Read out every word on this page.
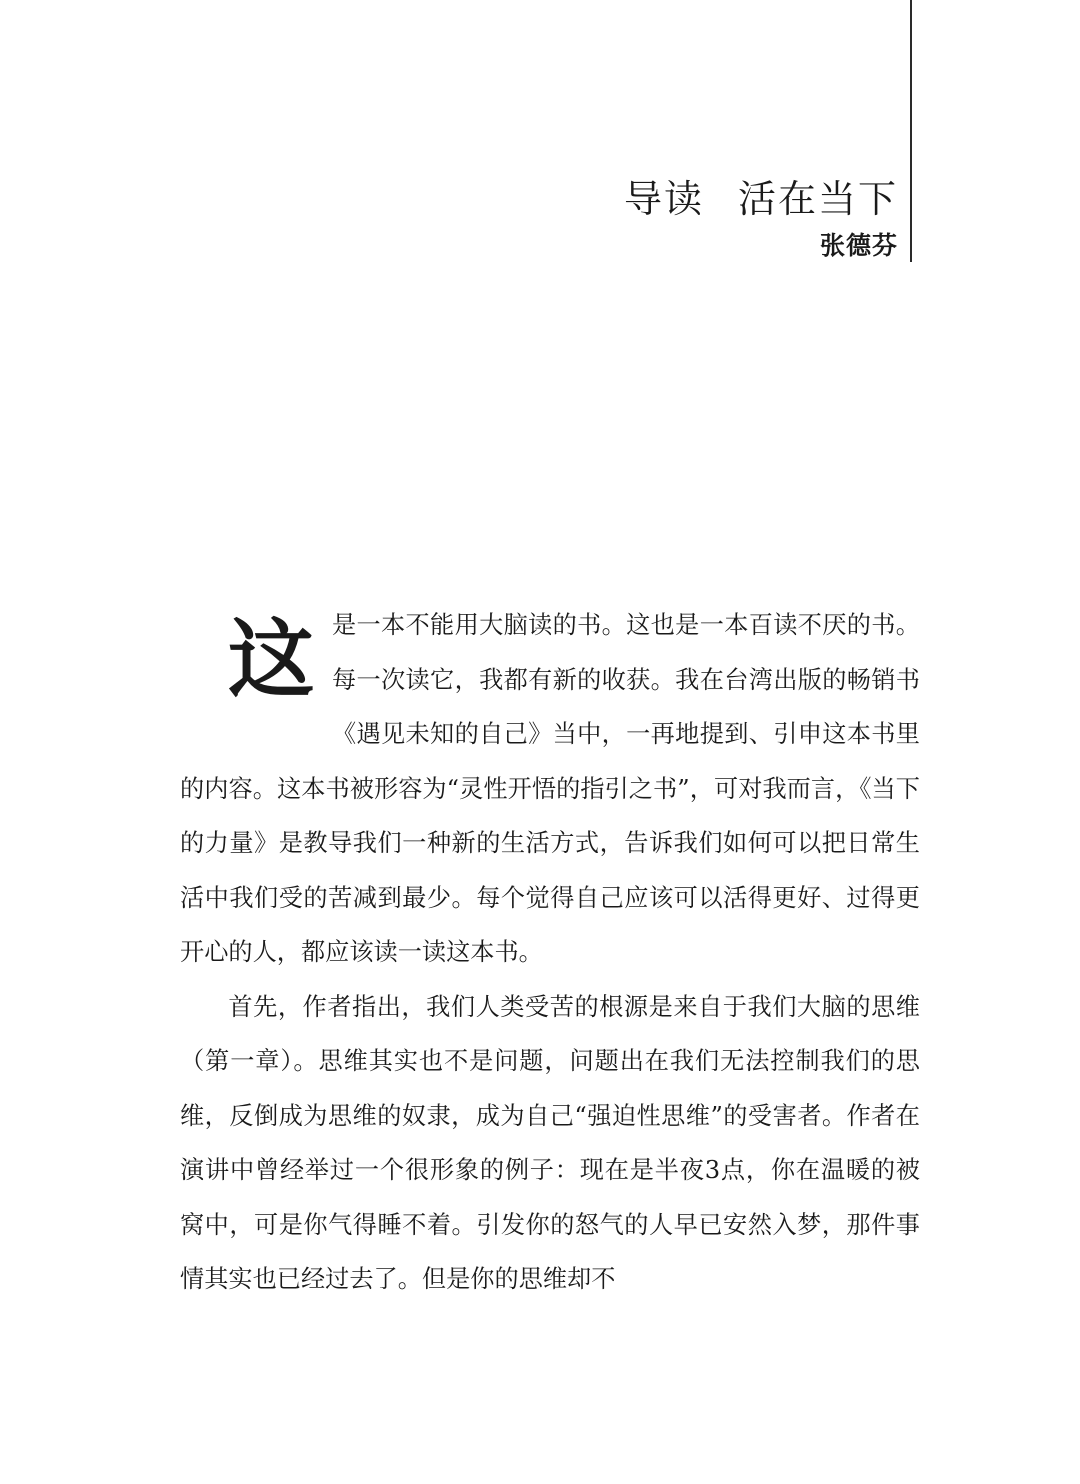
导读 活在当下
张德芬

这是一本不能用大脑读的书。这也是一本百读不厌的书。每一次读它，我都有新的收获。我在台湾出版的畅销书《遇见未知的自己》当中，一再地提到、引申这本书里的内容。这本书被形容为“灵性开悟的指引之书”，可对我而言，《当下的力量》是教导我们一种新的生活方式，告诉我们如何可以把日常生活中我们受的苦减到最少。每个觉得自己应该可以活得更好、过得更开心的人，都应该读一读这本书。

首先，作者指出，我们人类受苦的根源是来自于我们大脑的思维（第一章）。思维其实也不是问题，问题出在我们无法控制我们的思维，反倒成为思维的奴隶，成为自己“强迫性思维”的受害者。作者在演讲中曾经举过一个很形象的例子：现在是半夜3点，你在温暖的被窝中，可是你气得睡不着。引发你的怒气的人早已安然入梦，那件事情其实也已经过去了。但是你的思维却不
